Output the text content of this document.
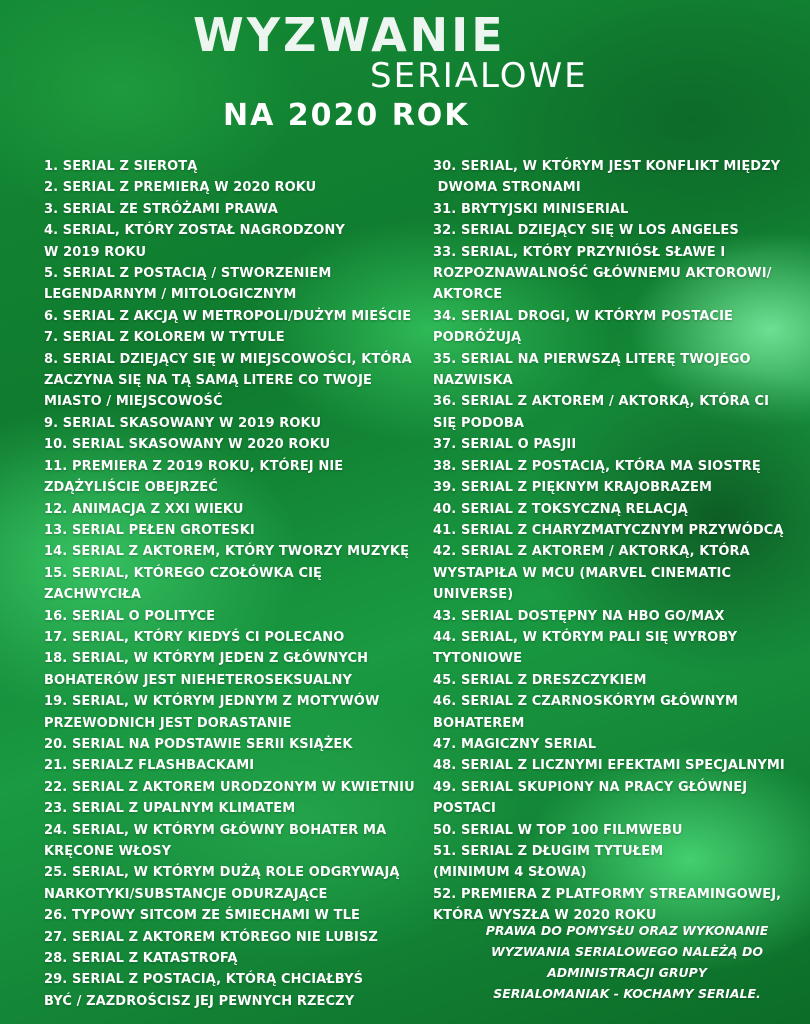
WYZWANIE
SERIALOWE
NA 2020 ROK
1. SERIAL Z SIEROTĄ
2. SERIAL Z PREMIERĄ W 2020 ROKU
3. SERIAL ZE STRÓŻAMI PRAWA
4. SERIAL, KTÓRY ZOSTAŁ NAGRODZONY
W 2019 ROKU
5. SERIAL Z POSTACIĄ / STWORZENIEM
LEGENDARNYM / MITOLOGICZNYM
6. SERIAL Z AKCJĄ W METROPOLI/DUŻYM MIEŚCIE
7. SERIAL Z KOLOREM W TYTULE
8. SERIAL DZIEJĄCY SIĘ W MIEJSCOWOŚCI, KTÓRA
ZACZYNA SIĘ NA TĄ SAMĄ LITERE CO TWOJE
MIASTO / MIEJSCOWOŚĆ
9. SERIAL SKASOWANY W 2019 ROKU
10. SERIAL SKASOWANY W 2020 ROKU
11. PREMIERA Z 2019 ROKU, KTÓREJ NIE
ZDĄŻYLIŚCIE OBEJRZEĆ
12. ANIMACJA Z XXI WIEKU
13. SERIAL PEŁEN GROTESKI
14. SERIAL Z AKTOREM, KTÓRY TWORZY MUZYKĘ
15. SERIAL, KTÓREGO CZOŁÓWKA CIĘ ZACHWYCIŁA
16. SERIAL O POLITYCE
17. SERIAL, KTÓRY KIEDYŚ CI POLECANO
18. SERIAL, W KTÓRYM JEDEN Z GŁÓWNYCH
BOHATERÓW JEST NIEHETEROSEKSUALNY
19. SERIAL, W KTÓRYM JEDNYM Z MOTYWÓW
PRZEWODNICH JEST DORASTANIE
20. SERIAL NA PODSTAWIE SERII KSIĄŻEK
21. SERIALZ FLASHBACKAMI
22. SERIAL Z AKTOREM URODZONYM W KWIETNIU
23. SERIAL Z UPALNYM KLIMATEM
24. SERIAL, W KTÓRYM GŁÓWNY BOHATER MA
KRĘCONE WŁOSY
25. SERIAL, W KTÓRYM DUŻĄ ROLE ODGRYWAJĄ
NARKOTYKI/SUBSTANCJE ODURZAJĄCE
26. TYPOWY SITCOM ZE ŚMIECHAMI W TLE
27. SERIAL Z AKTOREM KTÓREGO NIE LUBISZ
28. SERIAL Z KATASTROFĄ
29. SERIAL Z POSTACIĄ, KTÓRĄ CHCIAŁBYŚ
BYĆ / ZAZDROŚCISZ JEJ PEWNYCH RZECZY
30. SERIAL, W KTÓRYM JEST KONFLIKT MIĘDZY
DWOMA STRONAMI
31. BRYTYJSKI MINISERIAL
32. SERIAL DZIEJĄCY SIĘ W LOS ANGELES
33. SERIAL, KTÓRY PRZYNIÓSŁ SŁAWE I
ROZPOZNAWALNOŚĆ GŁÓWNEMU AKTOROWI/
AKTORCE
34. SERIAL DROGI, W KTÓRYM POSTACIE
PODRÓŻUJĄ
35. SERIAL NA PIERWSZĄ LITERĘ TWOJEGO
NAZWISKA
36. SERIAL Z AKTOREM / AKTORKĄ, KTÓRA CI
SIĘ PODOBA
37. SERIAL O PASJII
38. SERIAL Z POSTACIĄ, KTÓRA MA SIOSTRĘ
39. SERIAL Z PIĘKNYM KRAJOBRAZEM
40. SERIAL Z TOKSYCZNĄ RELACJĄ
41. SERIAL Z CHARYZMATYCZNYM PRZYWÓDCĄ
42. SERIAL Z AKTOREM / AKTORKĄ, KTÓRA
WYSTAPIŁA W MCU (MARVEL CINEMATIC UNIVERSE)
43. SERIAL DOSTĘPNY NA HBO GO/MAX
44. SERIAL, W KTÓRYM PALI SIĘ WYROBY
TYTONIOWE
45. SERIAL Z DRESZCZYKIEM
46. SERIAL Z CZARNOSKÓRYM GŁÓWNYM
BOHATEREM
47. MAGICZNY SERIAL
48. SERIAL Z LICZNYMI EFEKTAMI SPECJALNYMI
49. SERIAL SKUPIONY NA PRACY GŁÓWNEJ
POSTACI
50. SERIAL W TOP 100 FILMWEBU
51. SERIAL Z DŁUGIM TYTUŁEM
(MINIMUM 4 SŁOWA)
52. PREMIERA Z PLATFORMY STREAMINGOWEJ,
KTÓRA WYSZŁA W 2020 ROKU
PRAWA DO POMYSŁU ORAZ WYKONANIE
WYZWANIA SERIALOWEGO NALEŻĄ DO
ADMINISTRACJI GRUPY
SERIALOMANIAK - KOCHAMY SERIALE.
